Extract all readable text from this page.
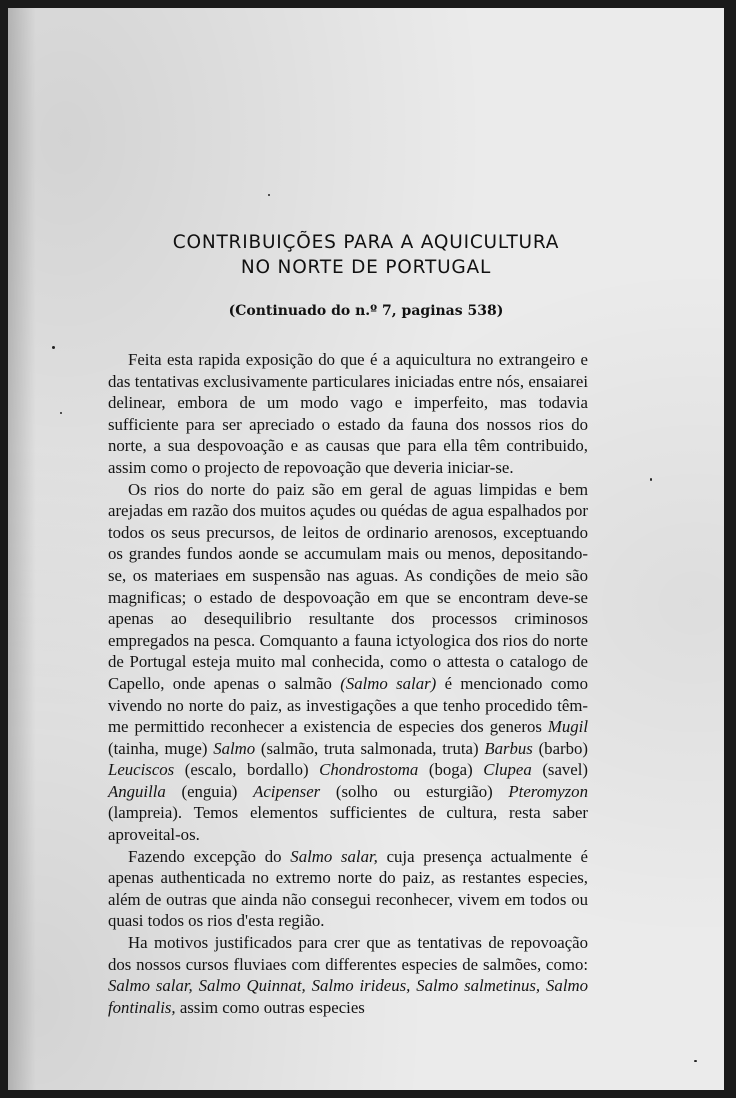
CONTRIBUIÇÕES PARA A AQUICULTURA
NO NORTE DE PORTUGAL
(Continuado do n.º 7, paginas 538)

Feita esta rapida exposição do que é a aquicultura no extrangeiro e das tentativas exclusivamente particulares iniciadas entre nós, ensaiarei delinear, embora de um modo vago e imperfeito, mas todavia sufficiente para ser apreciado o estado da fauna dos nossos rios do norte, a sua despovoação e as causas que para ella têm contribuido, assim como o projecto de repovoação que deveria iniciar-se.

Os rios do norte do paiz são em geral de aguas limpidas e bem arejadas em razão dos muitos açudes ou quédas de agua espalhados por todos os seus precursos, de leitos de ordinario arenosos, exceptuando os grandes fundos aonde se accumulam mais ou menos, depositando-se, os materiaes em suspensão nas aguas. As condições de meio são magnificas; o estado de despovoação em que se encontram deve-se apenas ao desequilibrio resultante dos processos criminosos empregados na pesca. Comquanto a fauna ictyologica dos rios do norte de Portugal esteja muito mal conhecida, como o attesta o catalogo de Capello, onde apenas o salmão (Salmo salar) é mencionado como vivendo no norte do paiz, as investigações a que tenho procedido têm-me permittido reconhecer a existencia de especies dos generos Mugil (tainha, muge) Salmo (salmão, truta salmonada, truta) Barbus (barbo) Leuciscos (escalo, bordallo) Chondrostoma (boga) Clupea (savel) Anguilla (enguia) Acipenser (solho ou esturgião) Pteromyzon (lampreia). Temos elementos sufficientes de cultura, resta saber aproveital-os.

Fazendo excepção do Salmo salar, cuja presença actualmente é apenas authenticada no extremo norte do paiz, as restantes especies, além de outras que ainda não consegui reconhecer, vivem em todos ou quasi todos os rios d'esta região.

Ha motivos justificados para crer que as tentativas de repovoação dos nossos cursos fluviaes com differentes especies de salmões, como: Salmo salar, Salmo Quinnat, Salmo irideus, Salmo salmetinus, Salmo fontinalis, assim como outras especies
